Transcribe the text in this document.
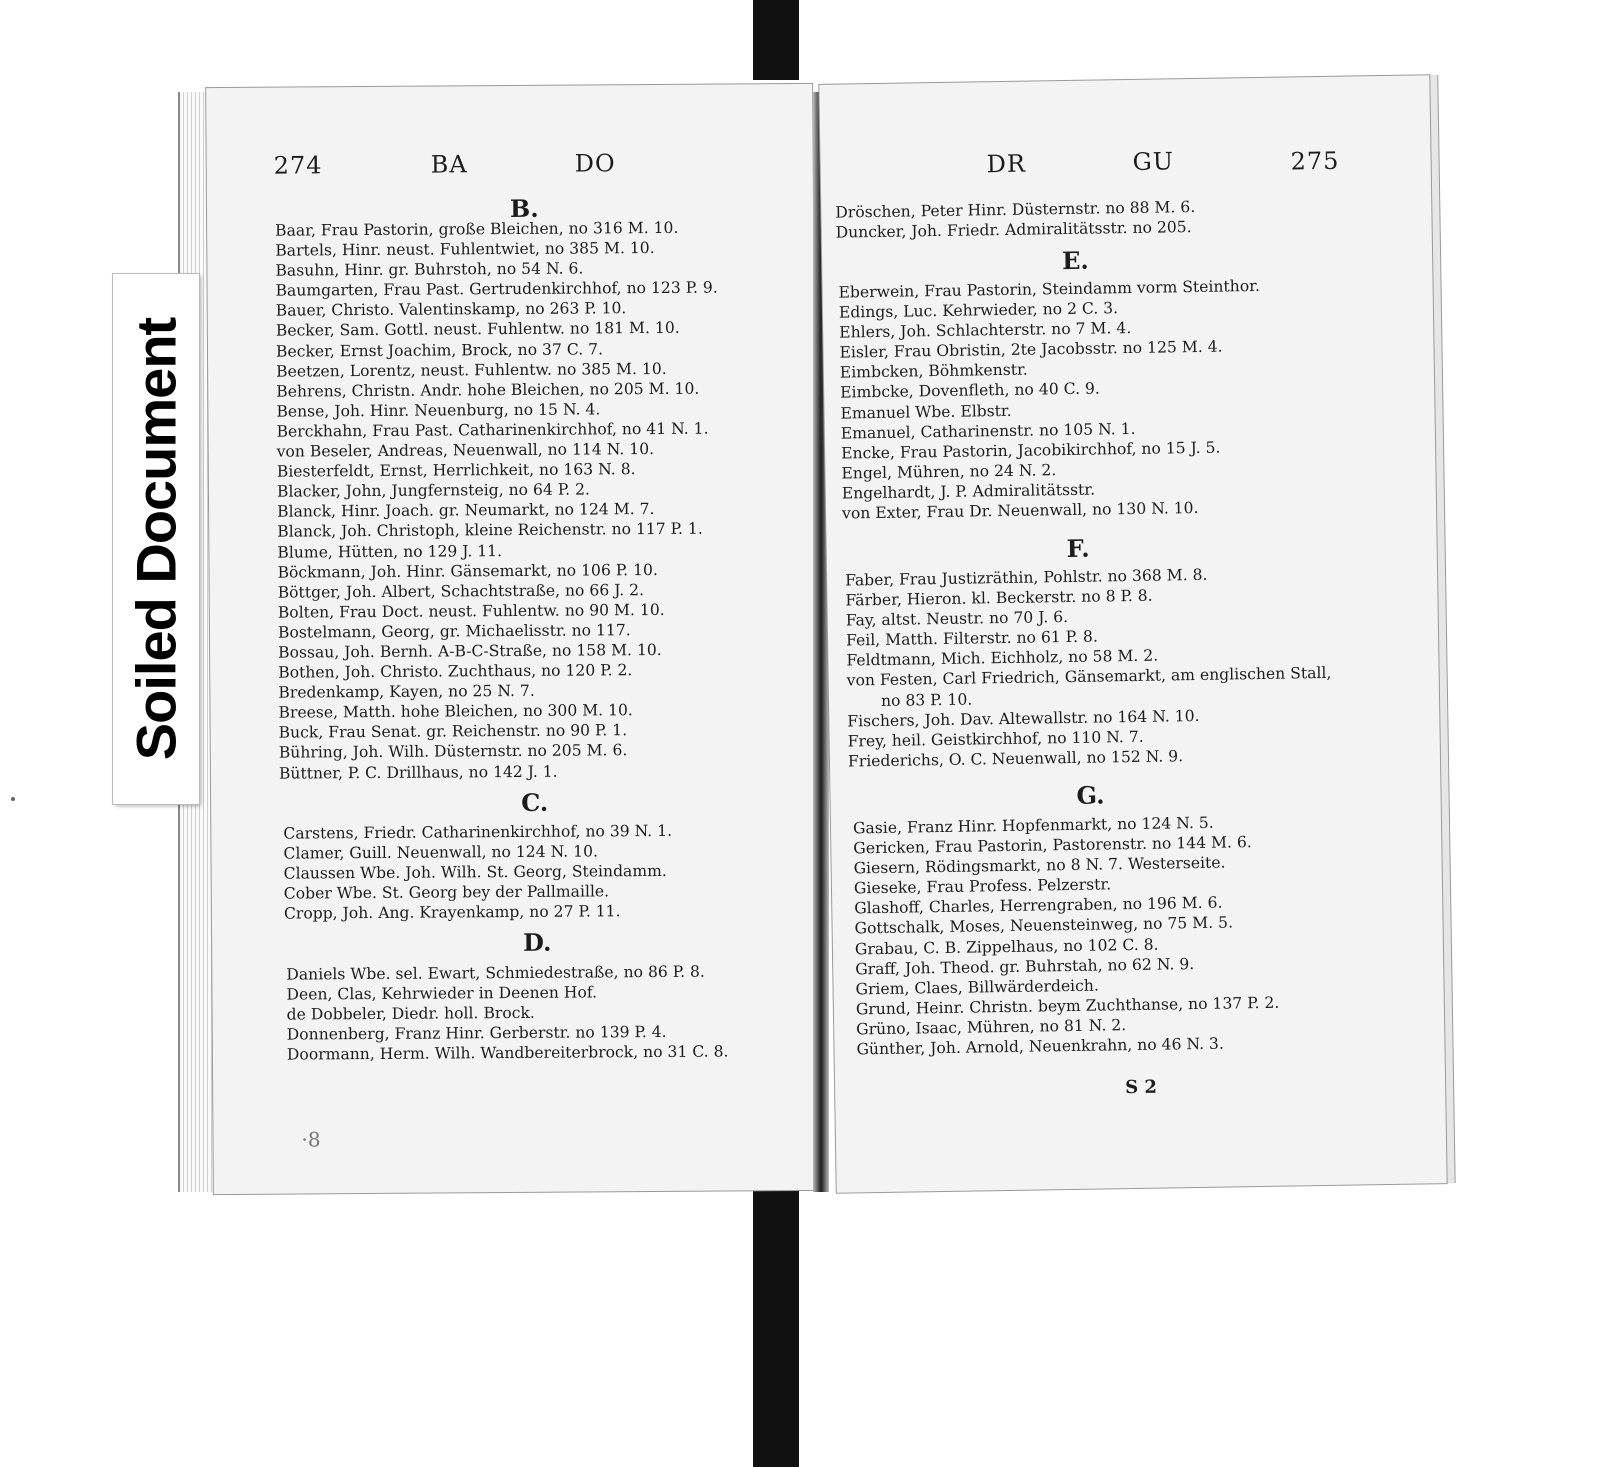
274	BA	DO
B.
Baar, Frau Pastorin, große Bleichen, no 316 M. 10.
Bartels, Hinr. neust. Fuhlentwiet, no 385 M. 10.
Basuhn, Hinr. gr. Buhrstoh, no 54 N. 6.
Baumgarten, Frau Past. Gertrudenkirchhof, no 123 P. 9.
Bauer, Christo. Valentinskamp, no 263 P. 10.
Becker, Sam. Gottl. neust. Fuhlentw. no 181 M. 10.
Becker, Ernst Joachim, Brock, no 37 C. 7.
Beetzen, Lorentz, neust. Fuhlentw. no 385 M. 10.
Behrens, Christn. Andr. hohe Bleichen, no 205 M. 10.
Bense, Joh. Hinr. Neuenburg, no 15 N. 4.
Berckhahn, Frau Past. Catharinenkirchhof, no 41 N. 1.
von Beseler, Andreas, Neuenwall, no 114 N. 10.
Biesterfeldt, Ernst, Herrlichkeit, no 163 N. 8.
Blacker, John, Jungfernsteig, no 64 P. 2.
Blanck, Hinr. Joach. gr. Neumarkt, no 124 M. 7.
Blanck, Joh. Christoph, kleine Reichenstr. no 117 P. 1.
Blume, Hütten, no 129 J. 11.
Böckmann, Joh. Hinr. Gänsemarkt, no 106 P. 10.
Böttger, Joh. Albert, Schachtstraße, no 66 J. 2.
Bolten, Frau Doct. neust. Fuhlentw. no 90 M. 10.
Bostelmann, Georg, gr. Michaelisstr. no 117.
Bossau, Joh. Bernh. A-B-C-Straße, no 158 M. 10.
Bothen, Joh. Christo. Zuchthaus, no 120 P. 2.
Bredenkamp, Kayen, no 25 N. 7.
Breese, Matth. hohe Bleichen, no 300 M. 10.
Buck, Frau Senat. gr. Reichenstr. no 90 P. 1.
Bühring, Joh. Wilh. Düsternstr. no 205 M. 6.
Büttner, P. C. Drillhaus, no 142 J. 1.
C.
Carstens, Friedr. Catharinenkirchhof, no 39 N. 1.
Clamer, Guill. Neuenwall, no 124 N. 10.
Claussen Wbe. Joh. Wilh. St. Georg, Steindamm.
Cober Wbe. St. Georg bey der Pallmaille.
Cropp, Joh. Ang. Krayenkamp, no 27 P. 11.
D.
Daniels Wbe. sel. Ewart, Schmiedestraße, no 86 P. 8.
Deen, Clas, Kehrwieder in Deenen Hof.
de Dobbeler, Diedr. holl. Brock.
Donnenberg, Franz Hinr. Gerberstr. no 139 P. 4.
Doormann, Herm. Wilh. Wandbereiterbrock, no 31 C. 8.
·8
DR	GU	275
Dröschen, Peter Hinr. Düsternstr. no 88 M. 6.
Duncker, Joh. Friedr. Admiralitätsstr. no 205.
E.
Eberwein, Frau Pastorin, Steindamm vorm Steinthor.
Edings, Luc. Kehrwieder, no 2 C. 3.
Ehlers, Joh. Schlachterstr. no 7 M. 4.
Eisler, Frau Obristin, 2te Jacobsstr. no 125 M. 4.
Eimbcken, Böhmkenstr.
Eimbcke, Dovenfleth, no 40 C. 9.
Emanuel Wbe. Elbstr.
Emanuel, Catharinenstr. no 105 N. 1.
Encke, Frau Pastorin, Jacobikirchhof, no 15 J. 5.
Engel, Mühren, no 24 N. 2.
Engelhardt, J. P. Admiralitätsstr.
von Exter, Frau Dr. Neuenwall, no 130 N. 10.
F.
Faber, Frau Justizräthin, Pohlstr. no 368 M. 8.
Färber, Hieron. kl. Beckerstr. no 8 P. 8.
Fay, altst. Neustr. no 70 J. 6.
Feil, Matth. Filterstr. no 61 P. 8.
Feldtmann, Mich. Eichholz, no 58 M. 2.
von Festen, Carl Friedrich, Gänsemarkt, am englischen Stall,
no 83 P. 10.
Fischers, Joh. Dav. Altewallstr. no 164 N. 10.
Frey, heil. Geistkirchhof, no 110 N. 7.
Friederichs, O. C. Neuenwall, no 152 N. 9.
G.
Gasie, Franz Hinr. Hopfenmarkt, no 124 N. 5.
Gericken, Frau Pastorin, Pastorenstr. no 144 M. 6.
Giesern, Rödingsmarkt, no 8 N. 7. Westerseite.
Gieseke, Frau Profess. Pelzerstr.
Glashoff, Charles, Herrengraben, no 196 M. 6.
Gottschalk, Moses, Neuensteinweg, no 75 M. 5.
Grabau, C. B. Zippelhaus, no 102 C. 8.
Graff, Joh. Theod. gr. Buhrstah, no 62 N. 9.
Griem, Claes, Billwärderdeich.
Grund, Heinr. Christn. beym Zuchthanse, no 137 P. 2.
Grüno, Isaac, Mühren, no 81 N. 2.
Günther, Joh. Arnold, Neuenkrahn, no 46 N. 3.
S 2
Soiled Document
